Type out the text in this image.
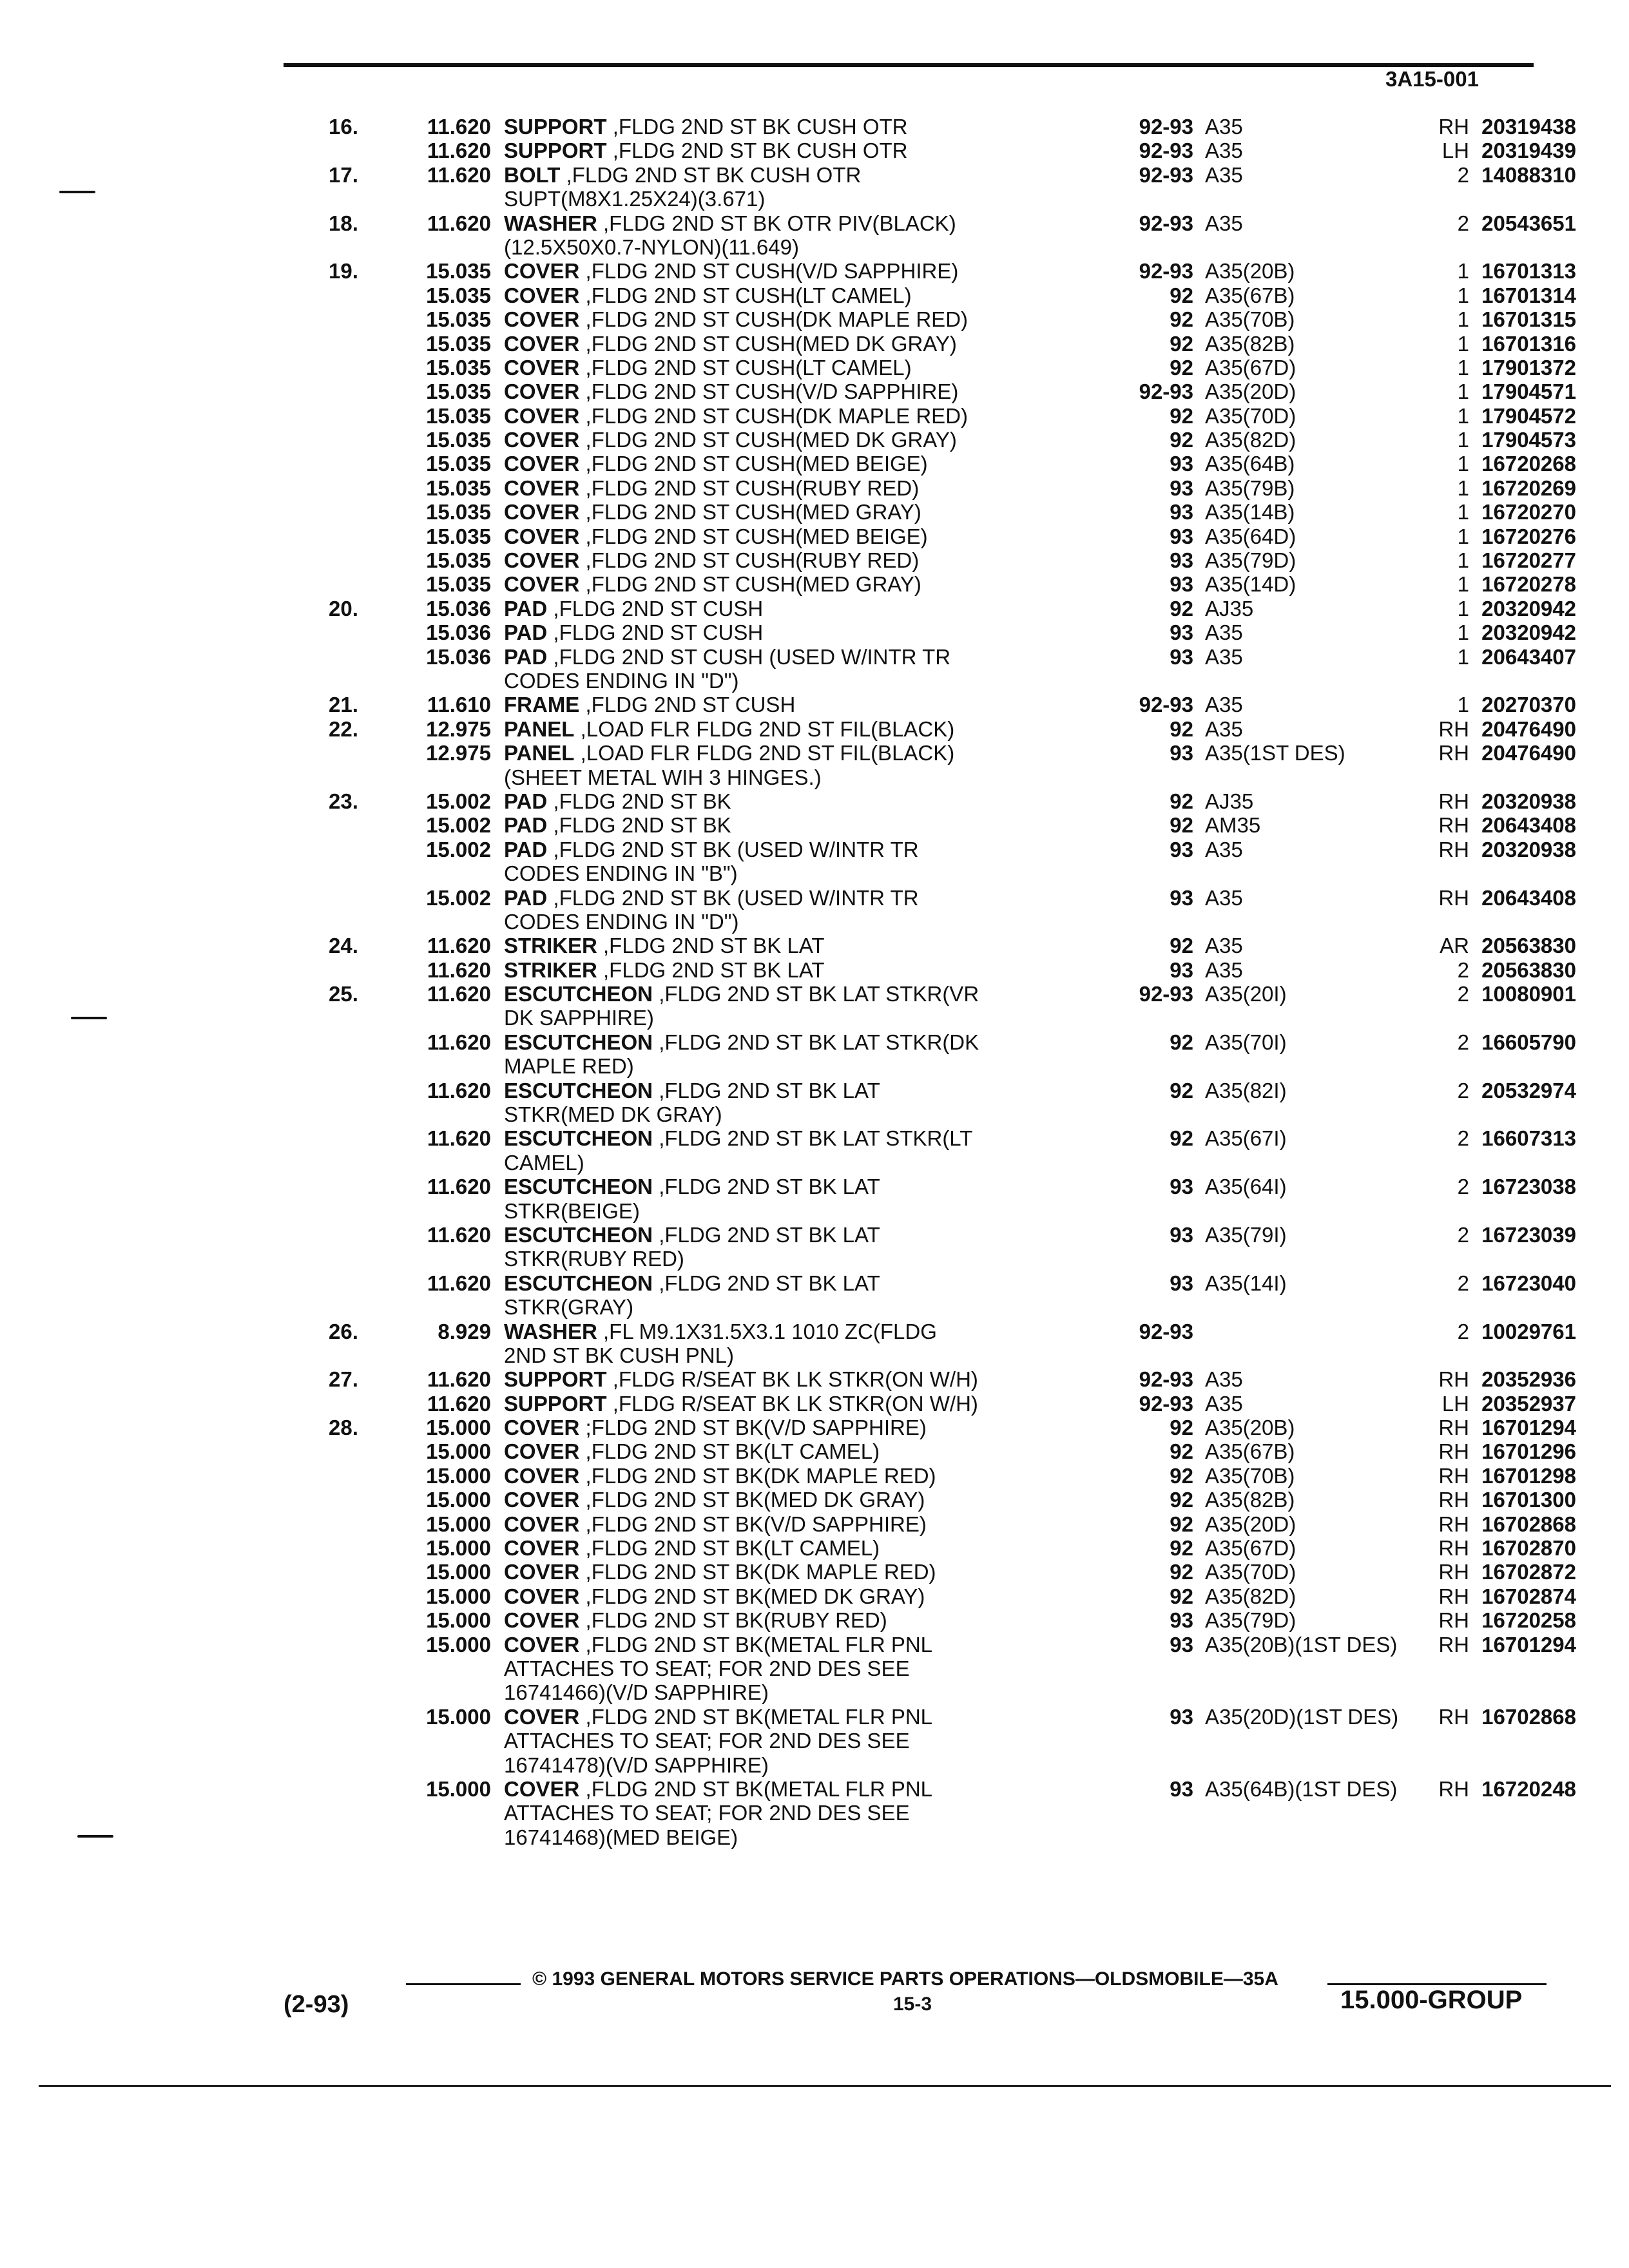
3A15-001
16.	11.620 SUPPORT ,FLDG 2ND ST BK CUSH OTR	92-93 A35	RH 20319438
11.620 SUPPORT ,FLDG 2ND ST BK CUSH OTR	92-93 A35	LH 20319439
17.	11.620 BOLT ,FLDG 2ND ST BK CUSH OTR	92-93 A35	2 14088310
SUPT(M8X1.25X24)(3.671)
18.	11.620 WASHER ,FLDG 2ND ST BK OTR PIV(BLACK)	92-93 A35	2 20543651
(12.5X50X0.7-NYLON)(11.649)
19.	15.035 COVER ,FLDG 2ND ST CUSH(V/D SAPPHIRE)	92-93 A35(20B)	1 16701313
15.035 COVER ,FLDG 2ND ST CUSH(LT CAMEL)	92 A35(67B)	1 16701314
15.035 COVER ,FLDG 2ND ST CUSH(DK MAPLE RED)	92 A35(70B)	1 16701315
15.035 COVER ,FLDG 2ND ST CUSH(MED DK GRAY)	92 A35(82B)	1 16701316
15.035 COVER ,FLDG 2ND ST CUSH(LT CAMEL)	92 A35(67D)	1 17901372
15.035 COVER ,FLDG 2ND ST CUSH(V/D SAPPHIRE)	92-93 A35(20D)	1 17904571
15.035 COVER ,FLDG 2ND ST CUSH(DK MAPLE RED)	92 A35(70D)	1 17904572
15.035 COVER ,FLDG 2ND ST CUSH(MED DK GRAY)	92 A35(82D)	1 17904573
15.035 COVER ,FLDG 2ND ST CUSH(MED BEIGE)	93 A35(64B)	1 16720268
15.035 COVER ,FLDG 2ND ST CUSH(RUBY RED)	93 A35(79B)	1 16720269
15.035 COVER ,FLDG 2ND ST CUSH(MED GRAY)	93 A35(14B)	1 16720270
15.035 COVER ,FLDG 2ND ST CUSH(MED BEIGE)	93 A35(64D)	1 16720276
15.035 COVER ,FLDG 2ND ST CUSH(RUBY RED)	93 A35(79D)	1 16720277
15.035 COVER ,FLDG 2ND ST CUSH(MED GRAY)	93 A35(14D)	1 16720278
20.	15.036 PAD ,FLDG 2ND ST CUSH	92 AJ35	1 20320942
15.036 PAD ,FLDG 2ND ST CUSH	93 A35	1 20320942
15.036 PAD ,FLDG 2ND ST CUSH (USED W/INTR TR	93 A35	1 20643407
CODES ENDING IN "D")
21.	11.610 FRAME ,FLDG 2ND ST CUSH	92-93 A35	1 20270370
22.	12.975 PANEL ,LOAD FLR FLDG 2ND ST FIL(BLACK)	92 A35	RH 20476490
12.975 PANEL ,LOAD FLR FLDG 2ND ST FIL(BLACK)	93 A35(1ST DES)	RH 20476490
(SHEET METAL WIH 3 HINGES.)
23.	15.002 PAD ,FLDG 2ND ST BK	92 AJ35	RH 20320938
15.002 PAD ,FLDG 2ND ST BK	92 AM35	RH 20643408
15.002 PAD ,FLDG 2ND ST BK (USED W/INTR TR	93 A35	RH 20320938
CODES ENDING IN "B")
15.002 PAD ,FLDG 2ND ST BK (USED W/INTR TR	93 A35	RH 20643408
CODES ENDING IN "D")
24.	11.620 STRIKER ,FLDG 2ND ST BK LAT	92 A35	AR 20563830
11.620 STRIKER ,FLDG 2ND ST BK LAT	93 A35	2 20563830
25.	11.620 ESCUTCHEON ,FLDG 2ND ST BK LAT STKR(VR	92-93 A35(20I)	2 10080901
DK SAPPHIRE)
11.620 ESCUTCHEON ,FLDG 2ND ST BK LAT STKR(DK	92 A35(70I)	2 16605790
MAPLE RED)
11.620 ESCUTCHEON ,FLDG 2ND ST BK LAT	92 A35(82I)	2 20532974
STKR(MED DK GRAY)
11.620 ESCUTCHEON ,FLDG 2ND ST BK LAT STKR(LT	92 A35(67I)	2 16607313
CAMEL)
11.620 ESCUTCHEON ,FLDG 2ND ST BK LAT	93 A35(64I)	2 16723038
STKR(BEIGE)
11.620 ESCUTCHEON ,FLDG 2ND ST BK LAT	93 A35(79I)	2 16723039
STKR(RUBY RED)
11.620 ESCUTCHEON ,FLDG 2ND ST BK LAT	93 A35(14I)	2 16723040
STKR(GRAY)
26.	8.929 WASHER ,FL M9.1X31.5X3.1 1010 ZC(FLDG	92-93	2 10029761
2ND ST BK CUSH PNL)
27.	11.620 SUPPORT ,FLDG R/SEAT BK LK STKR(ON W/H)	92-93 A35	RH 20352936
11.620 SUPPORT ,FLDG R/SEAT BK LK STKR(ON W/H)	92-93 A35	LH 20352937
28.	15.000 COVER ;FLDG 2ND ST BK(V/D SAPPHIRE)	92 A35(20B)	RH 16701294
15.000 COVER ,FLDG 2ND ST BK(LT CAMEL)	92 A35(67B)	RH 16701296
15.000 COVER ,FLDG 2ND ST BK(DK MAPLE RED)	92 A35(70B)	RH 16701298
15.000 COVER ,FLDG 2ND ST BK(MED DK GRAY)	92 A35(82B)	RH 16701300
15.000 COVER ,FLDG 2ND ST BK(V/D SAPPHIRE)	92 A35(20D)	RH 16702868
15.000 COVER ,FLDG 2ND ST BK(LT CAMEL)	92 A35(67D)	RH 16702870
15.000 COVER ,FLDG 2ND ST BK(DK MAPLE RED)	92 A35(70D)	RH 16702872
15.000 COVER ,FLDG 2ND ST BK(MED DK GRAY)	92 A35(82D)	RH 16702874
15.000 COVER ,FLDG 2ND ST BK(RUBY RED)	93 A35(79D)	RH 16720258
15.000 COVER ,FLDG 2ND ST BK(METAL FLR PNL	93 A35(20B)(1ST DES)	RH 16701294
ATTACHES TO SEAT; FOR 2ND DES SEE
16741466)(V/D SAPPHIRE)
15.000 COVER ,FLDG 2ND ST BK(METAL FLR PNL	93 A35(20D)(1ST DES)	RH 16702868
ATTACHES TO SEAT; FOR 2ND DES SEE
16741478)(V/D SAPPHIRE)
15.000 COVER ,FLDG 2ND ST BK(METAL FLR PNL	93 A35(64B)(1ST DES)	RH 16720248
ATTACHES TO SEAT; FOR 2ND DES SEE
16741468)(MED BEIGE)
© 1993 GENERAL MOTORS SERVICE PARTS OPERATIONS—OLDSMOBILE—35A
(2-93)	15-3	15.000-GROUP
